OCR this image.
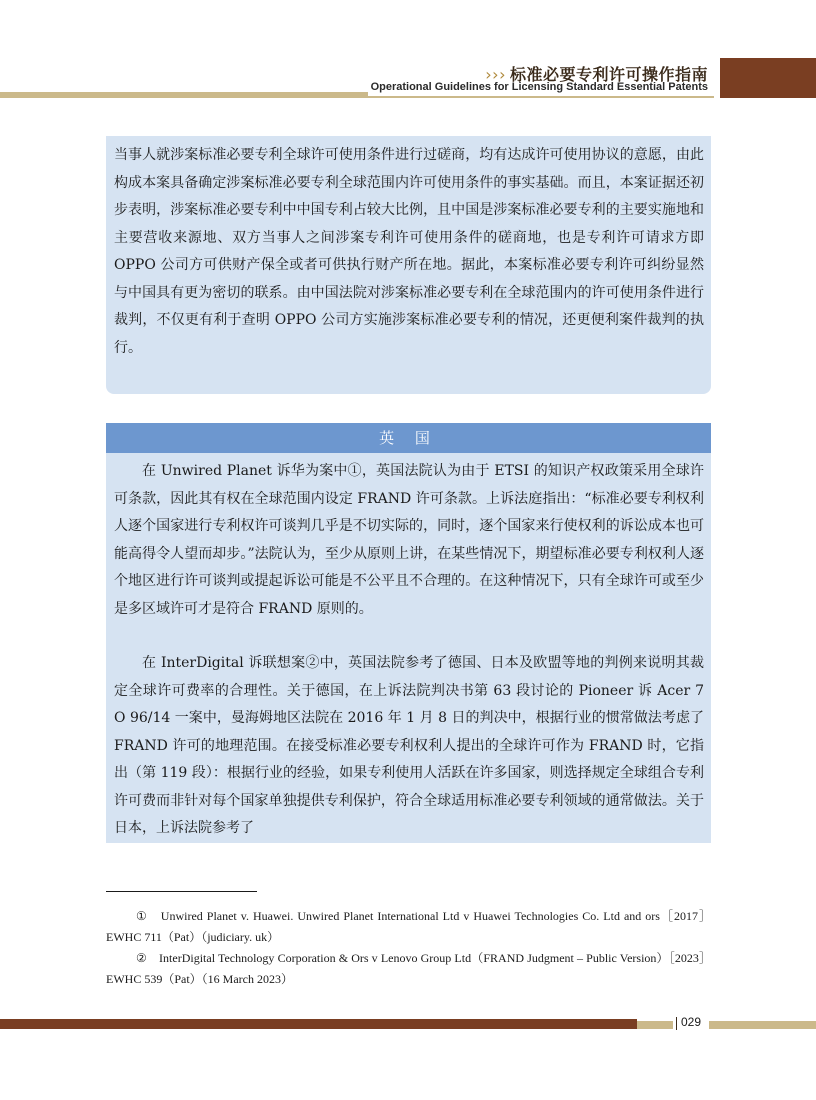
››› 标准必要专利许可操作指南
Operational Guidelines for Licensing Standard Essential Patents
当事人就涉案标准必要专利全球许可使用条件进行过磋商，均有达成许可使用协议的意愿，由此构成本案具备确定涉案标准必要专利全球范围内许可使用条件的事实基础。而且，本案证据还初步表明，涉案标准必要专利中中国专利占较大比例，且中国是涉案标准必要专利的主要实施地和主要营收来源地、双方当事人之间涉案专利许可使用条件的磋商地，也是专利许可请求方即 OPPO 公司方可供财产保全或者可供执行财产所在地。据此，本案标准必要专利许可纠纷显然与中国具有更为密切的联系。由中国法院对涉案标准必要专利在全球范围内的许可使用条件进行裁判，不仅更有利于查明 OPPO 公司方实施涉案标准必要专利的情况，还更便利案件裁判的执行。
英 国
在 Unwired Planet 诉华为案中①，英国法院认为由于 ETSI 的知识产权政策采用全球许可条款，因此其有权在全球范围内设定 FRAND 许可条款。上诉法庭指出：“标准必要专利权利人逐个国家进行专利权许可谈判几乎是不切实际的，同时，逐个国家来行使权利的诉讼成本也可能高得令人望而却步。”法院认为，至少从原则上讲，在某些情况下，期望标准必要专利权利人逐个地区进行许可谈判或提起诉讼可能是不公平且不合理的。在这种情况下，只有全球许可或至少是多区域许可才是符合 FRAND 原则的。
在 InterDigital 诉联想案②中，英国法院参考了德国、日本及欧盟等地的判例来说明其裁定全球许可费率的合理性。关于德国，在上诉法院判决书第 63 段讨论的 Pioneer 诉 Acer 7 O 96/14 一案中，曼海姆地区法院在 2016 年 1 月 8 日的判决中，根据行业的惯常做法考虑了 FRAND 许可的地理范围。在接受标准必要专利权利人提出的全球许可作为 FRAND 时，它指出（第 119 段）：根据行业的经验，如果专利使用人活跃在许多国家，则选择规定全球组合专利许可费而非针对每个国家单独提供专利保护，符合全球适用标准必要专利领域的通常做法。关于日本，上诉法院参考了
①　Unwired Planet v. Huawei. Unwired Planet International Ltd v Huawei Technologies Co. Ltd and ors［2017］EWHC 711（Pat）（judiciary. uk）
②　InterDigital Technology Corporation & Ors v Lenovo Group Ltd（FRAND Judgment – Public Version）［2023］EWHC 539（Pat）（16 March 2023）
029
